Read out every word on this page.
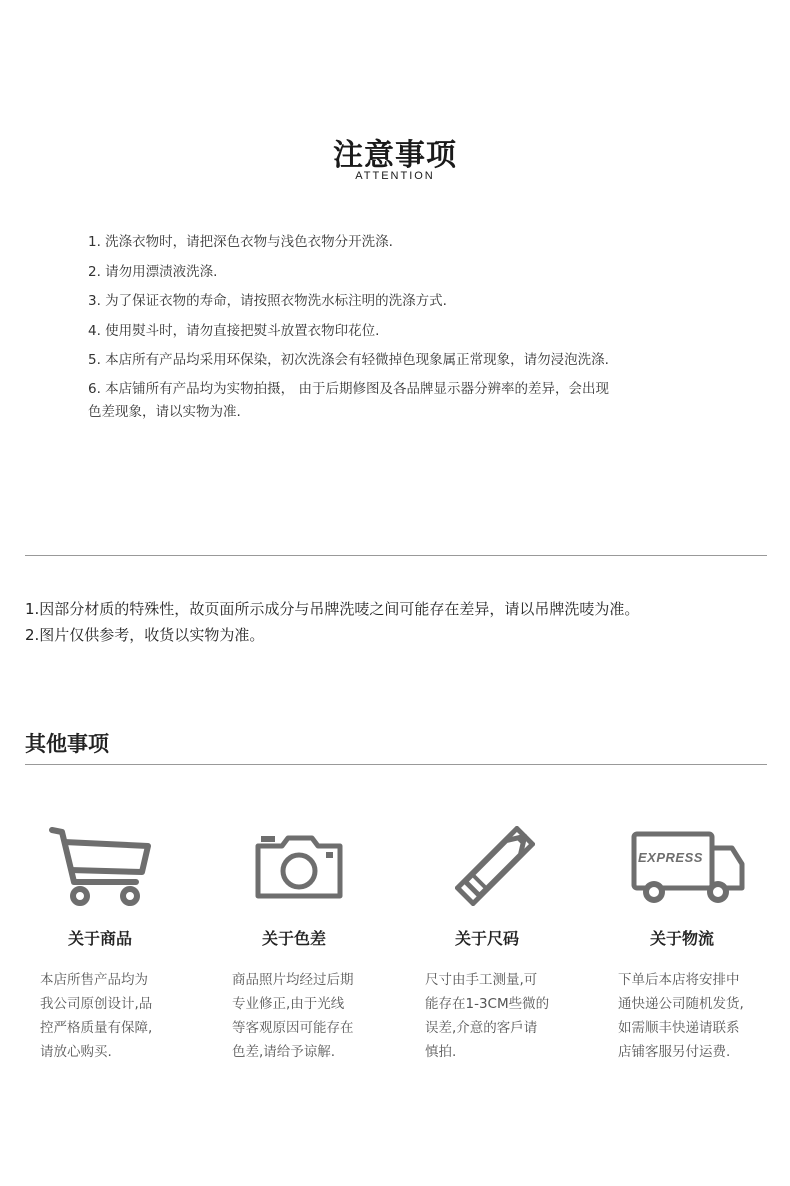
注意事项
ATTENTION
1. 洗涤衣物时，请把深色衣物与浅色衣物分开洗涤.
2. 请勿用漂渍液洗涤.
3. 为了保证衣物的寿命，请按照衣物洗水标注明的洗涤方式.
4. 使用熨斗时，请勿直接把熨斗放置衣物印花位.
5. 本店所有产品均采用环保染，初次洗涤会有轻微掉色现象属正常现象，请勿浸泡洗涤.
6. 本店铺所有产品均为实物拍摄， 由于后期修图及各品牌显示器分辨率的差异，会出现
色差现象，请以实物为准.

1.因部分材质的特殊性，故页面所示成分与吊牌洗唛之间可能存在差异，请以吊牌洗唛为准。

2.图片仅供参考，收货以实物为准。

其他事项
关于商品
本店所售产品均为
我公司原创设计,品
控严格质量有保障,
请放心购买.
关于色差
商品照片均经过后期
专业修正,由于光线
等客观原因可能存在
色差,请给予谅解.
关于尺码
尺寸由手工测量,可
能存在1-3CM些微的
误差,介意的客戶请
慎拍.
EXPRESS
关于物流
下单后本店将安排中
通快递公司随机发货,
如需顺丰快递请联系
店铺客服另付运费.
